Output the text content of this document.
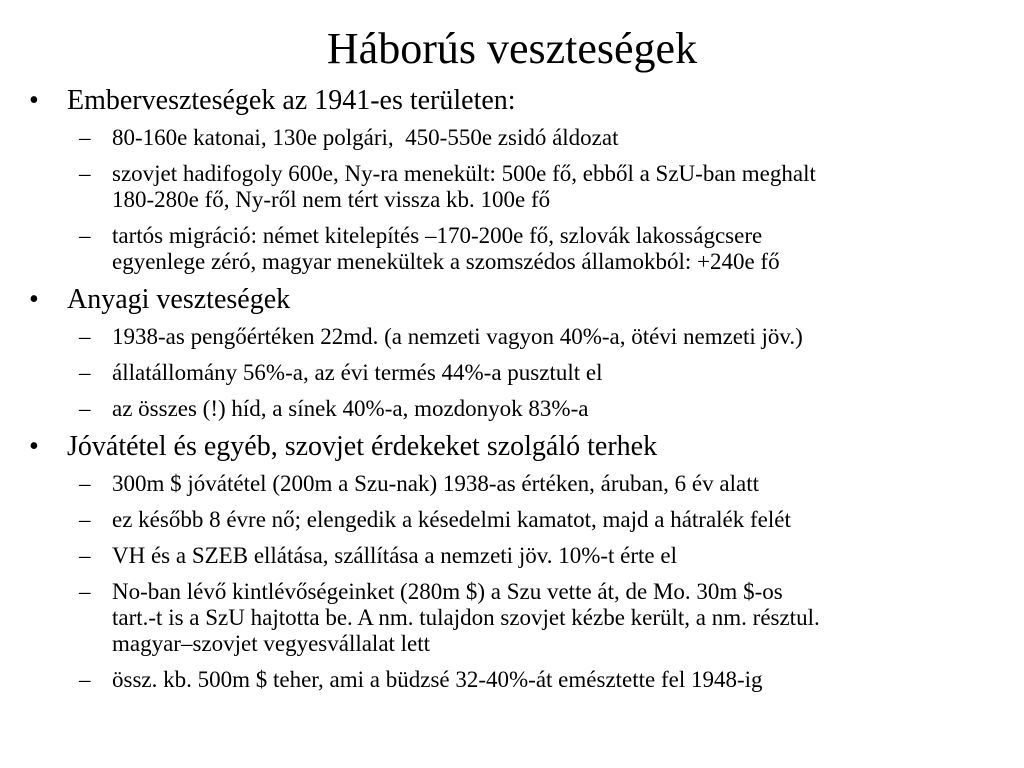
Háborús veszteségek
• Emberveszteségek az 1941-es területen:
– 80-160e katonai, 130e polgári,  450-550e zsidó áldozat
– szovjet hadifogoly 600e, Ny-ra menekült: 500e fő, ebből a SzU-ban meghalt
180-280e fő, Ny-ről nem tért vissza kb. 100e fő
– tartós migráció: német kitelepítés –170-200e fő, szlovák lakosságcsere
egyenlege zéró, magyar menekültek a szomszédos államokból: +240e fő
• Anyagi veszteségek
– 1938-as pengőértéken 22md. (a nemzeti vagyon 40%-a, ötévi nemzeti jöv.)
– állatállomány 56%-a, az évi termés 44%-a pusztult el
– az összes (!) híd, a sínek 40%-a, mozdonyok 83%-a
• Jóvátétel és egyéb, szovjet érdekeket szolgáló terhek
– 300m $ jóvátétel (200m a Szu-nak) 1938-as értéken, áruban, 6 év alatt
– ez később 8 évre nő; elengedik a késedelmi kamatot, majd a hátralék felét
– VH és a SZEB ellátása, szállítása a nemzeti jöv. 10%-t érte el
– No-ban lévő kintlévőségeinket (280m $) a Szu vette át, de Mo. 30m $-os
tart.-t is a SzU hajtotta be. A nm. tulajdon szovjet kézbe került, a nm. résztul.
magyar–szovjet vegyesvállalat lett
– össz. kb. 500m $ teher, ami a büdzsé 32-40%-át emésztette fel 1948-ig
